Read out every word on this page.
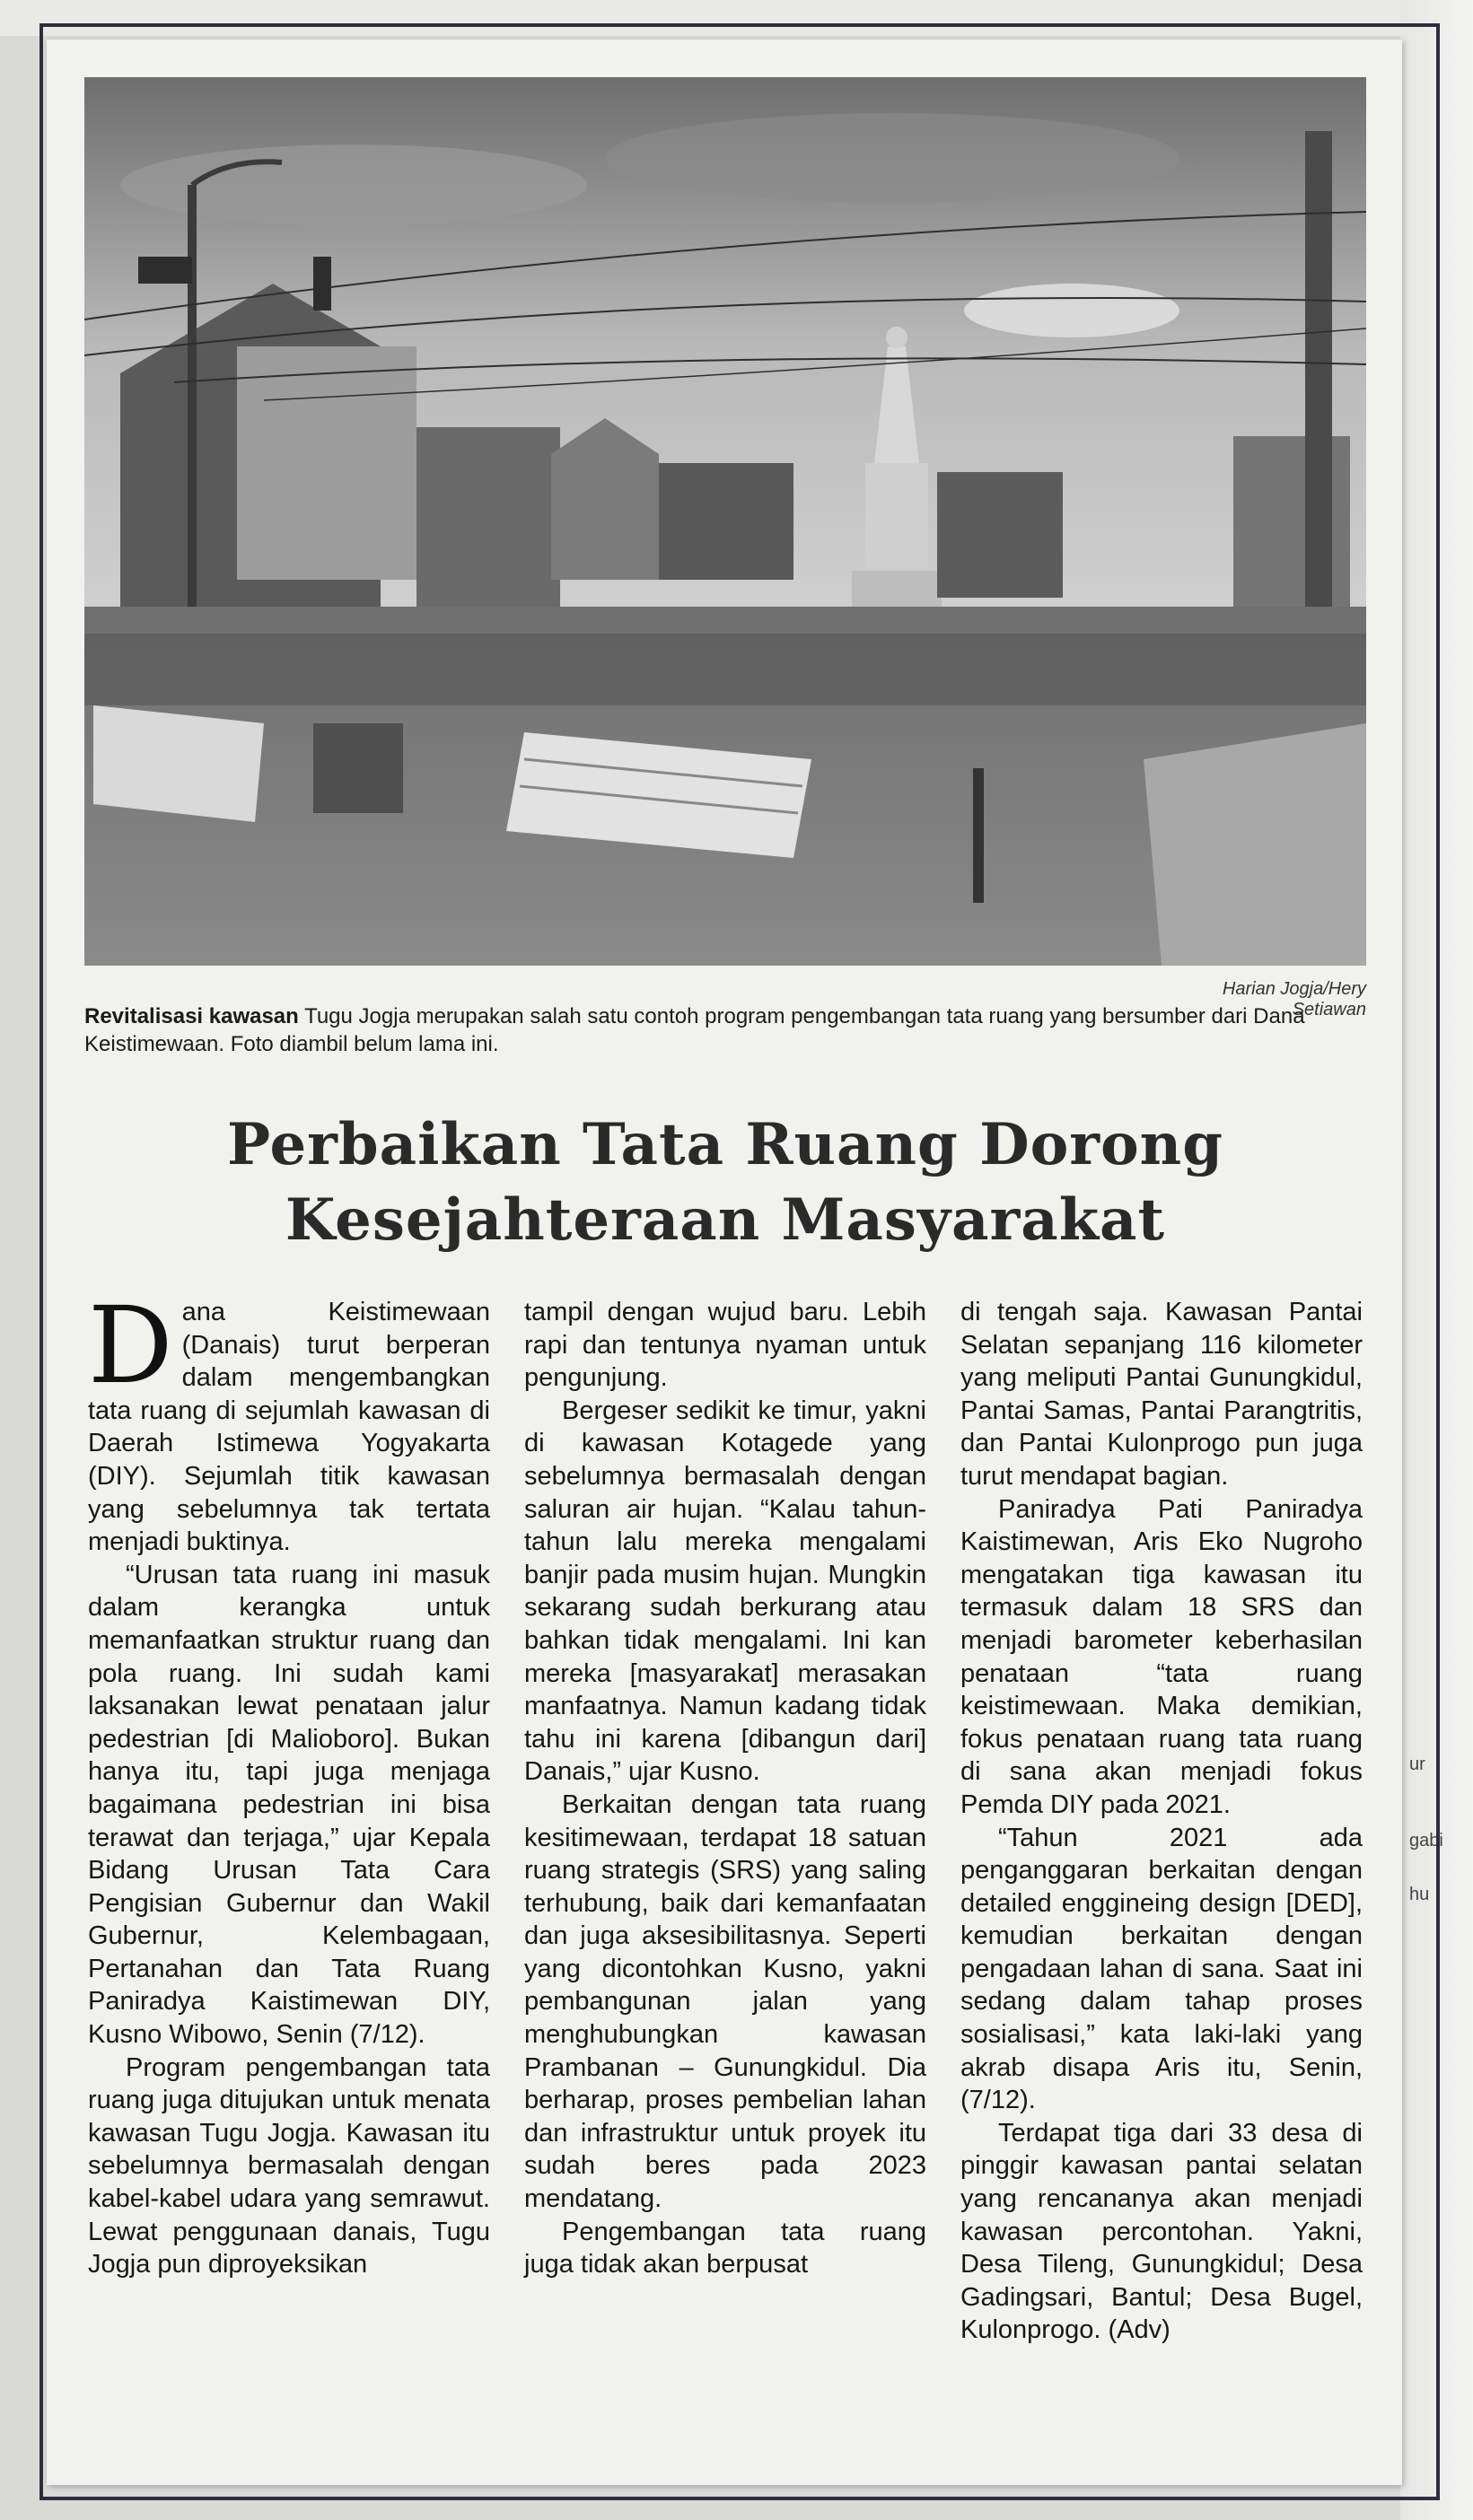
ur
gabi
hu
Harian Jogja/Hery Setiawan
Revitalisasi kawasan Tugu Jogja merupakan salah satu contoh program pengembangan tata ruang yang bersumber dari Dana Keistimewaan. Foto diambil belum lama ini.
Perbaikan Tata Ruang Dorong
Kesejahteraan Masyarakat

Dana Keistimewaan (Danais) turut berperan dalam mengembangkan tata ruang di sejumlah kawasan di Daerah Istimewa Yogyakarta (DIY). Sejumlah titik kawasan yang sebelumnya tak tertata menjadi buktinya.

“Urusan tata ruang ini masuk dalam kerangka untuk memanfaatkan struktur ruang dan pola ruang. Ini sudah kami laksanakan lewat penataan jalur pedestrian [di Malioboro]. Bukan hanya itu, tapi juga menjaga bagaimana pedestrian ini bisa terawat dan terjaga,” ujar Kepala Bidang Urusan Tata Cara Pengisian Gubernur dan Wakil Gubernur, Kelembagaan, Pertanahan dan Tata Ruang Paniradya Kaistimewan DIY, Kusno Wibowo, Senin (7/12).

Program pengembangan tata ruang juga ditujukan untuk menata kawasan Tugu Jogja. Kawasan itu sebelumnya bermasalah dengan kabel-kabel udara yang semrawut. Lewat penggunaan danais, Tugu Jogja pun diproyeksikan

tampil dengan wujud baru. Lebih rapi dan tentunya nyaman untuk pengunjung.

Bergeser sedikit ke timur, yakni di kawasan Kotagede yang sebelumnya bermasalah dengan saluran air hujan. “Kalau tahun-tahun lalu mereka mengalami banjir pada musim hujan. Mungkin sekarang sudah berkurang atau bahkan tidak mengalami. Ini kan mereka [masyarakat] merasakan manfaatnya. Namun kadang tidak tahu ini karena [dibangun dari] Danais,” ujar Kusno.

Berkaitan dengan tata ruang kesitimewaan, terdapat 18 satuan ruang strategis (SRS) yang saling terhubung, baik dari kemanfaatan dan juga aksesibilitasnya. Seperti yang dicontohkan Kusno, yakni pembangunan jalan yang menghubungkan kawasan Prambanan – Gunungkidul. Dia berharap, proses pembelian lahan dan infrastruktur untuk proyek itu sudah beres pada 2023 mendatang.

Pengembangan tata ruang juga tidak akan berpusat

di tengah saja. Kawasan Pantai Selatan sepanjang 116 kilometer yang meliputi Pantai Gunungkidul, Pantai Samas, Pantai Parangtritis, dan Pantai Kulonprogo pun juga turut mendapat bagian.

Paniradya Pati Paniradya Kaistimewan, Aris Eko Nugroho mengatakan tiga kawasan itu termasuk dalam 18 SRS dan menjadi barometer keberhasilan penataan “tata ruang keistimewaan. Maka demikian, fokus penataan ruang tata ruang di sana akan menjadi fokus Pemda DIY pada 2021.

“Tahun 2021 ada penganggaran berkaitan dengan detailed enggineing design [DED], kemudian berkaitan dengan pengadaan lahan di sana. Saat ini sedang dalam tahap proses sosialisasi,” kata laki-laki yang akrab disapa Aris itu, Senin, (7/12).

Terdapat tiga dari 33 desa di pinggir kawasan pantai selatan yang rencananya akan menjadi kawasan percontohan. Yakni, Desa Tileng, Gunungkidul; Desa Gadingsari, Bantul; Desa Bugel, Kulonprogo. (Adv)
